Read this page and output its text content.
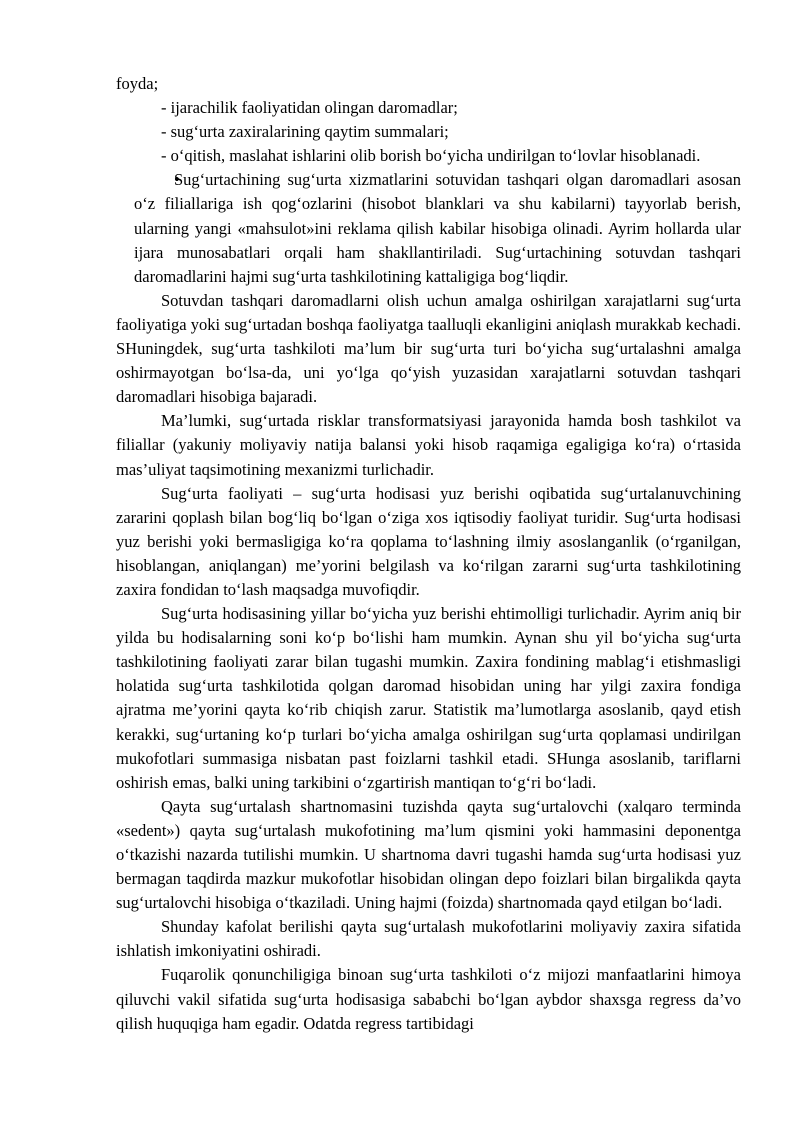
foyda;

- ijarachilik faoliyatidan olingan daromadlar;

- sug‘urta zaxiralarining qaytim summalari;

- o‘qitish, maslahat ishlarini olib borish bo‘yicha undirilgan to‘lovlar hisoblanadi.

Sug‘urtachining sug‘urta xizmatlarini sotuvidan tashqari olgan daromadlari asosan o‘z filiallariga ish qog‘ozlarini (hisobot blanklari va shu kabilarni) tayyorlab berish, ularning yangi «mahsulot»ini reklama qilish kabilar hisobiga olinadi. Ayrim hollarda ular ijara munosabatlari orqali ham shakllantiriladi. Sug‘urtachining sotuvdan tashqari daromadlarini hajmi sug‘urta tashkilotining kattaligiga bog‘liqdir.

Sotuvdan tashqari daromadlarni olish uchun amalga oshirilgan xarajatlarni sug‘urta faoliyatiga yoki sug‘urtadan boshqa faoliyatga taalluqli ekanligini aniqlash murakkab kechadi. SHuningdek, sug‘urta tashkiloti ma’lum bir sug‘urta turi bo‘yicha sug‘urtalashni amalga oshirmayotgan bo‘lsa-da, uni yo‘lga qo‘yish yuzasidan xarajatlarni sotuvdan tashqari daromadlari hisobiga bajaradi.

Ma’lumki, sug‘urtada risklar transformatsiyasi jarayonida hamda bosh tashkilot va filiallar (yakuniy moliyaviy natija balansi yoki hisob raqamiga egaligiga ko‘ra) o‘rtasida mas’uliyat taqsimotining mexanizmi turlichadir.

Sug‘urta faoliyati – sug‘urta hodisasi yuz berishi oqibatida sug‘urtalanuvchining zararini qoplash bilan bog‘liq bo‘lgan o‘ziga xos iqtisodiy faoliyat turidir. Sug‘urta hodisasi yuz berishi yoki bermasligiga ko‘ra qoplama to‘lashning ilmiy asoslanganlik (o‘rganilgan, hisoblangan, aniqlangan) me’yorini belgilash va ko‘rilgan zararni sug‘urta tashkilotining zaxira fondidan to‘lash maqsadga muvofiqdir.

Sug‘urta hodisasining yillar bo‘yicha yuz berishi ehtimolligi turlichadir. Ayrim aniq bir yilda bu hodisalarning soni ko‘p bo‘lishi ham mumkin. Aynan shu yil bo‘yicha sug‘urta tashkilotining faoliyati zarar bilan tugashi mumkin. Zaxira fondining mablag‘i etishmasligi holatida sug‘urta tashkilotida qolgan daromad hisobidan uning har yilgi zaxira fondiga ajratma me’yorini qayta ko‘rib chiqish zarur. Statistik ma’lumotlarga asoslanib, qayd etish kerakki, sug‘urtaning ko‘p turlari bo‘yicha amalga oshirilgan sug‘urta qoplamasi undirilgan mukofotlari summasiga nisbatan past foizlarni tashkil etadi. SHunga asoslanib, tariflarni oshirish emas, balki uning tarkibini o‘zgartirish mantiqan to‘g‘ri bo‘ladi.

Qayta sug‘urtalash shartnomasini tuzishda qayta sug‘urtalovchi (xalqaro terminda «sedent») qayta sug‘urtalash mukofotining ma’lum qismini yoki hammasini deponentga o‘tkazishi nazarda tutilishi mumkin. U shartnoma davri tugashi hamda sug‘urta hodisasi yuz bermagan taqdirda mazkur mukofotlar hisobidan olingan depo foizlari bilan birgalikda qayta sug‘urtalovchi hisobiga o‘tkaziladi. Uning hajmi (foizda) shartnomada qayd etilgan bo‘ladi.

Shunday kafolat berilishi qayta sug‘urtalash mukofotlarini moliyaviy zaxira sifatida ishlatish imkoniyatini oshiradi.

Fuqarolik qonunchiligiga binoan sug‘urta tashkiloti o‘z mijozi manfaatlarini himoya qiluvchi vakil sifatida sug‘urta hodisasiga sababchi bo‘lgan aybdor shaxsga regress da’vo qilish huquqiga ham egadir. Odatda regress tartibidagi
